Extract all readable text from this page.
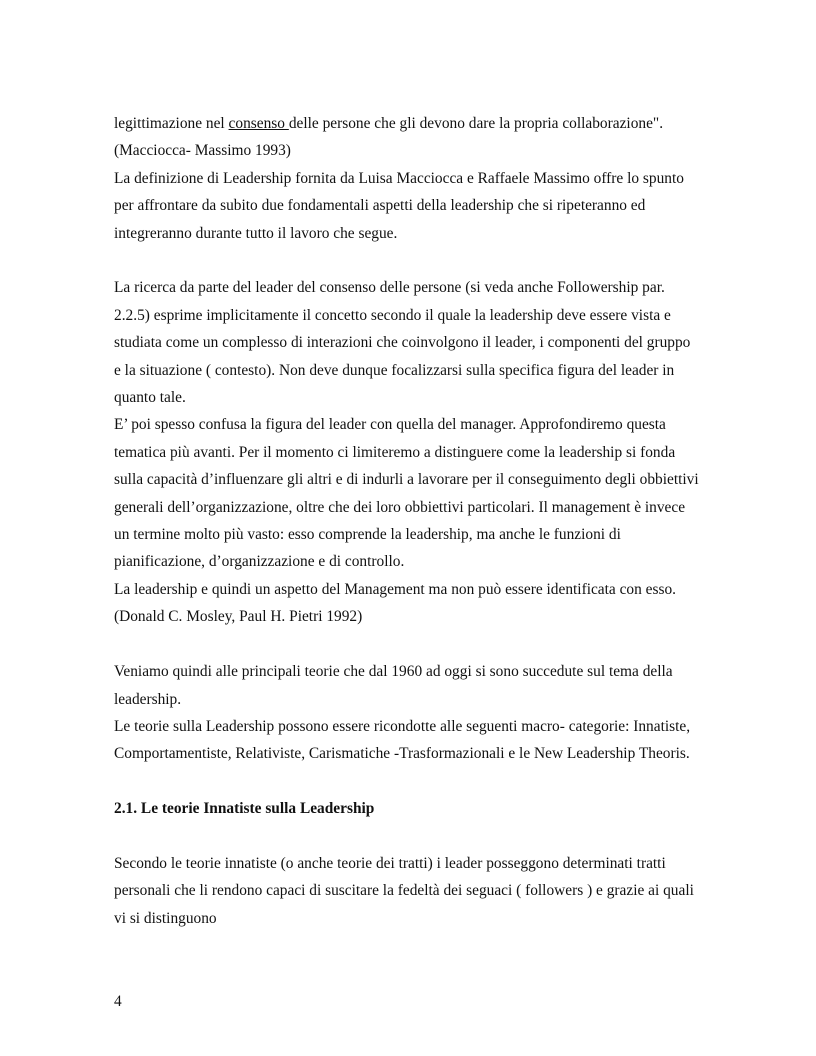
legittimazione nel consenso delle persone che gli devono dare la propria collaborazione".
(Macciocca- Massimo 1993)
La definizione di Leadership fornita da Luisa Macciocca e Raffaele Massimo offre lo spunto
per affrontare da subito due fondamentali aspetti della leadership che si ripeteranno ed
integreranno durante tutto il lavoro che segue.
La ricerca da parte del leader del consenso delle persone (si veda anche Followership par.
2.2.5) esprime implicitamente il concetto secondo il quale la leadership deve essere vista e
studiata come un complesso di interazioni che coinvolgono il leader, i componenti del gruppo
e la situazione ( contesto). Non deve dunque focalizzarsi sulla specifica figura del leader in
quanto tale.
E’ poi spesso confusa la figura del leader con quella del manager. Approfondiremo questa
tematica più avanti. Per il momento ci limiteremo a distinguere come la leadership si fonda
sulla capacità d’influenzare gli altri e di indurli a lavorare per il conseguimento degli obbiettivi
generali dell’organizzazione, oltre che dei loro obbiettivi particolari. Il management è invece
un termine molto più vasto: esso comprende la leadership, ma anche le funzioni di
pianificazione, d’organizzazione e di controllo.
La leadership e quindi un aspetto del Management ma non può essere identificata con esso.
(Donald C. Mosley, Paul H. Pietri 1992)
Veniamo quindi alle principali teorie che dal 1960 ad oggi si sono succedute sul tema della
leadership.
Le teorie sulla Leadership possono essere ricondotte alle seguenti macro- categorie: Innatiste,
Comportamentiste, Relativiste, Carismatiche -Trasformazionali e le New Leadership Theoris.
2.1. Le teorie Innatiste sulla Leadership
Secondo le teorie innatiste (o anche teorie dei tratti) i leader posseggono determinati tratti
personali che li rendono capaci di suscitare la fedeltà dei seguaci ( followers ) e grazie ai quali
vi si distinguono
4
